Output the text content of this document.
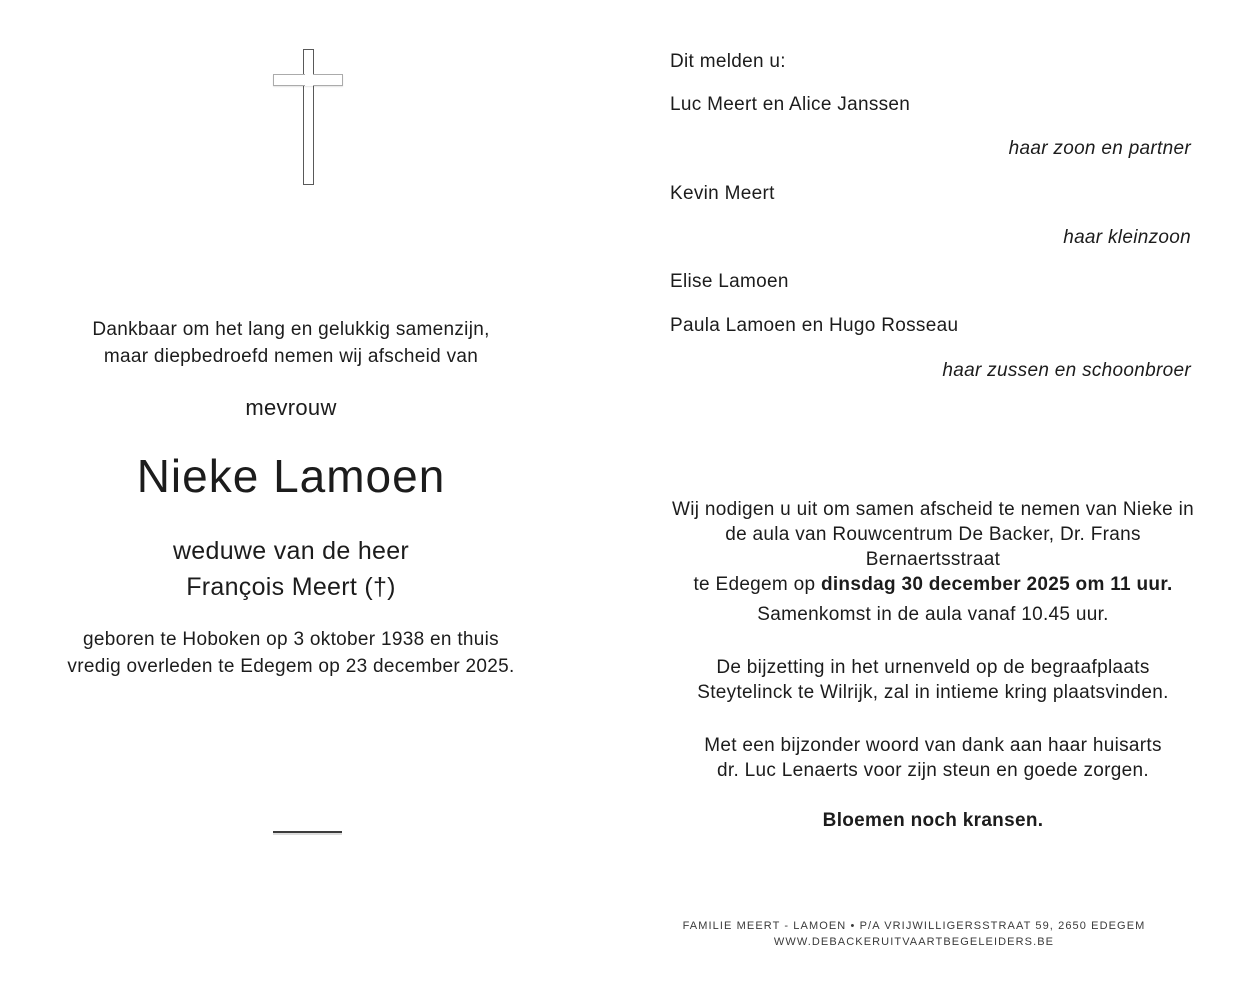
Dankbaar om het lang en gelukkig samenzijn,
maar diepbedroefd nemen wij afscheid van
mevrouw
Nieke Lamoen
weduwe van de heer
François Meert (†)
geboren te Hoboken op 3 oktober 1938 en thuis
vredig overleden te Edegem op 23 december 2025.
Dit melden u:
Luc Meert en Alice Janssen
haar zoon en partner
Kevin Meert
haar kleinzoon
Elise Lamoen
Paula Lamoen en Hugo Rosseau
haar zussen en schoonbroer
Wij nodigen u uit om samen afscheid te nemen van Nieke in
de aula van Rouwcentrum De Backer, Dr. Frans Bernaertsstraat
te Edegem op dinsdag 30 december 2025 om 11 uur.
Samenkomst in de aula vanaf 10.45 uur.
De bijzetting in het urnenveld op de begraafplaats
Steytelinck te Wilrijk, zal in intieme kring plaatsvinden.
Met een bijzonder woord van dank aan haar huisarts
dr. Luc Lenaerts voor zijn steun en goede zorgen.
Bloemen noch kransen.
FAMILIE MEERT - LAMOEN • P/A VRIJWILLIGERSSTRAAT 59, 2650 EDEGEM
WWW.DEBACKERUITVAARTBEGELEIDERS.BE
